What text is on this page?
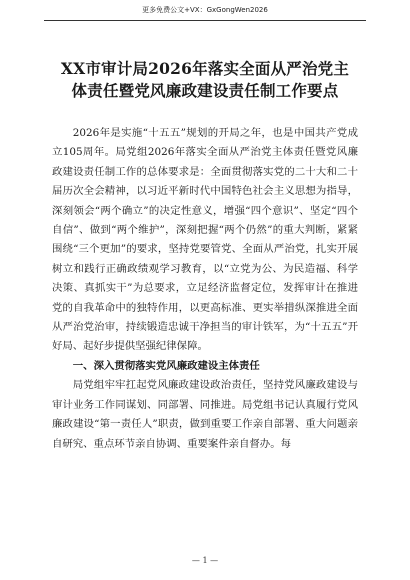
更多免费公文+VX：GxGongWen2026
XX市审计局2026年落实全面从严治党主
体责任暨党风廉政建设责任制工作要点

2026年是实施“十五五”规划的开局之年，也是中国共产党成立105周年。局党组2026年落实全面从严治党主体责任暨党风廉政建设责任制工作的总体要求是：全面贯彻落实党的二十大和二十届历次全会精神，以习近平新时代中国特色社会主义思想为指导，深刻领会“两个确立”的决定性意义，增强“四个意识”、坚定“四个自信”、做到“两个维护”，深刻把握“两个仍然”的重大判断，紧紧围绕“三个更加”的要求，坚持党要管党、全面从严治党，扎实开展树立和践行正确政绩观学习教育，以“立党为公、为民造福、科学决策、真抓实干”为总要求，立足经济监督定位，发挥审计在推进党的自我革命中的独特作用，以更高标准、更实举措纵深推进全面从严治党治审，持续锻造忠诚干净担当的审计铁军，为“十五五”开好局、起好步提供坚强纪律保障。

一、深入贯彻落实党风廉政建设主体责任

局党组牢牢扛起党风廉政建设政治责任，坚持党风廉政建设与审计业务工作同谋划、同部署、同推进。局党组书记认真履行党风廉政建设“第一责任人”职责，做到重要工作亲自部署、重大问题亲自研究、重点环节亲自协调、重要案件亲自督办。每

— 1 —
